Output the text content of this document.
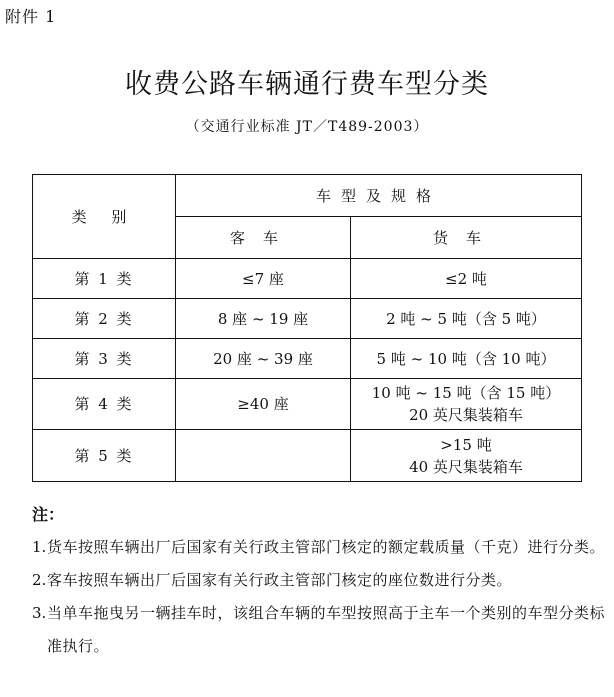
附件 1
收费公路车辆通行费车型分类
（交通行业标准 JT／T489-2003）
类 别	车型及规格	
	客车	货车
第 1 类	≤7 座	≤2 吨

第 2 类	8 座 ~ 19 座	2 吨 ~ 5 吨（含 5 吨）

第 3 类	20 座 ~ 39 座	5 吨 ~ 10 吨（含 10 吨）

第 4 类	≥40 座	10 吨 ~ 15 吨（含 15 吨）
20 英尺集装箱车

第 5 类		>15 吨
40 英尺集装箱车
注：
1. 货车按照车辆出厂后国家有关行政主管部门核定的额定载质量（千克）进行分类。
2. 客车按照车辆出厂后国家有关行政主管部门核定的座位数进行分类。
3. 当单车拖曳另一辆挂车时，该组合车辆的车型按照高于主车一个类别的车型分类标准执行。
